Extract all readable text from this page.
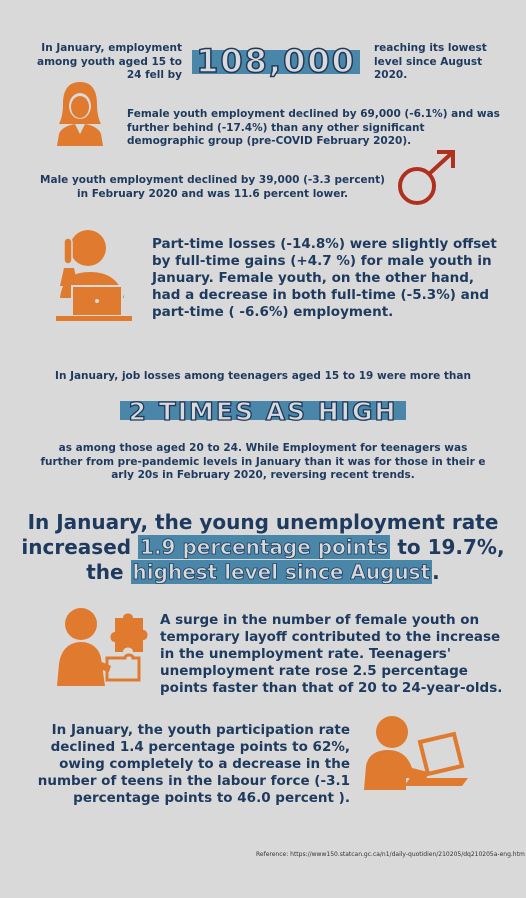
In January, employment among youth aged 15 to 24 fell by 108,000	reaching its lowest level since August 2020.
Female youth employment declined by 69,000 (-6.1%) and was further behind (-17.4%) than any other significant demographic group (pre-COVID February 2020).
Male youth employment declined by 39,000 (-3.3 percent) in February 2020 and was 11.6 percent lower.
Part-time losses (-14.8%) were slightly offset by full-time gains (+4.7 %) for male youth in January. Female youth, on the other hand, had a decrease in both full-time (-5.3%) and part-time ( -6.6%) employment.
In January, job losses among teenagers aged 15 to 19 were more than
2 TIMES AS HIGH
as among those aged 20 to 24. While Employment for teenagers was further from pre-pandemic levels in January than it was for those in their e arly 20s in February 2020, reversing recent trends.
In January, the young unemployment rate increased 1.9 percentage points to 19.7%, the highest level since August .
A surge in the number of female youth on temporary layoff contributed to the increase in the unemployment rate. Teenagers' unemployment rate rose 2.5 percentage points faster than that of 20 to 24-year-olds.
In January, the youth participation rate declined 1.4 percentage points to 62%, owing completely to a decrease in the number of teens in the labour force (-3.1 percentage points to 46.0 percent ).
Reference: https://www150.statcan.gc.ca/n1/daily-quotidien/210205/dq210205a-eng.htm
